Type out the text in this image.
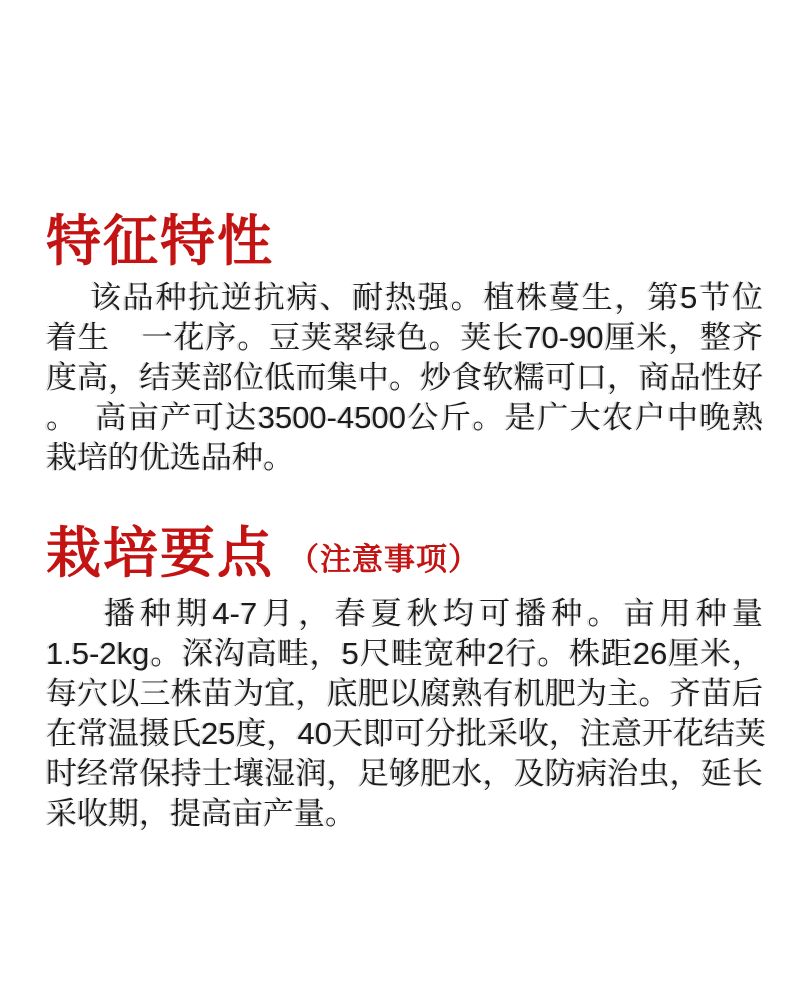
特征特性
该品种抗逆抗病、耐热强。植株蔓生，第5节位
着生　一花序。豆荚翠绿色。荚长70-90厘米，整齐
度高，结荚部位低而集中。炒食软糯可口，商品性好
。　高亩产可达3500-4500公斤。是广大农户中晚熟
栽培的优选品种。
栽培要点 （注意事项）
播种期4-7月，春夏秋均可播种。亩用种量
1.5-2kg。深沟高畦，5尺畦宽种2行。株距26厘米，
每穴以三株苗为宜，底肥以腐熟有机肥为主。齐苗后
在常温摄氏25度，40天即可分批采收，注意开花结荚
时经常保持士壤湿润，足够肥水，及防病治虫，延长
采收期，提高亩产量。
